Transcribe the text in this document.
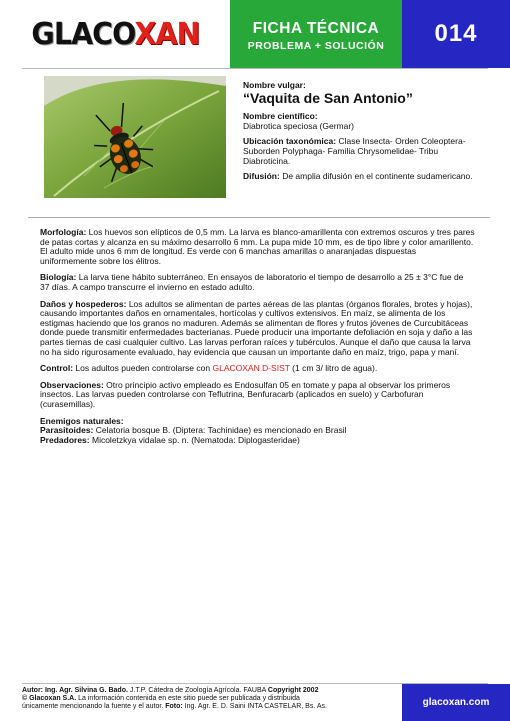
GLACOXAN	FICHA TÉCNICA
PROBLEMA + SOLUCIÓN	014
Nombre vulgar:
“Vaquita de San Antonio”
Nombre científico:
Diabrotica speciosa (Germar)
Ubicación taxonómica: Clase Insecta- Orden Coleoptera- Suborden Polyphaga- Familia Chrysomelidae- Tribu Diabroticina.
Difusión: De amplia difusión en el continente sudamericano.

Morfología: Los huevos son elípticos de 0,5 mm. La larva es blanco-amarillenta con extremos oscuros y tres pares de patas cortas y alcanza en su máximo desarrollo 6 mm. La pupa mide 10 mm, es de tipo libre y color amarillento. El adulto mide unos 6 mm de longitud. Es verde con 6 manchas amarillas o anaranjadas dispuestas uniformemente sobre los élitros.

Biología: La larva tiene hábito subterráneo. En ensayos de laboratorio el tiempo de desarrollo a 25 ± 3°C fue de 37 días. A campo transcurre el invierno en estado adulto.

Daños y hospederos: Los adultos se alimentan de partes aéreas de las plantas (órganos florales, brotes y hojas), causando importantes daños en ornamentales, hortícolas y cultivos extensivos. En maíz, se alimenta de los estigmas haciendo que los granos no maduren. Además se alimentan de flores y frutos jóvenes de Curcubitáceas donde puede transmitir enfermedades bacterianas. Puede producir una importante defoliación en soja y daño a las partes tiernas de casi cualquier cultivo. Las larvas perforan raíces y tubérculos. Aunque el daño que causa la larva no ha sido rigurosamente evaluado, hay evidencia que causan un importante daño en maíz, trigo, papa y maní.

Control: Los adultos pueden controlarse con GLACOXAN D-SIST (1 cm 3/ litro de agua).

Observaciones: Otro principio activo empleado es Endosulfan 05 en tomate y papa al observar los primeros insectos. Las larvas pueden controlarse con Teflutrina, Benfuracarb (aplicados en suelo) y Carbofuran (curasemillas).

Enemigos naturales:
Parasitoides: Celatoria bosque B. (Diptera: Tachinidae) es mencionado en Brasil
Predadores: Micoletzkya vidalae sp. n. (Nematoda: Diplogasteridae)
Autor: Ing. Agr. Silvina G. Bado. J.T.P. Cátedra de Zoología Agrícola. FAUBA Copyright 2002
© Glacoxan S.A. La información contenida en este sitio puede ser publicada y distribuida
únicamente mencionando la fuente y el autor. Foto: Ing. Agr. E. D. Saini INTA CASTELAR, Bs. As.	glacoxan.com
